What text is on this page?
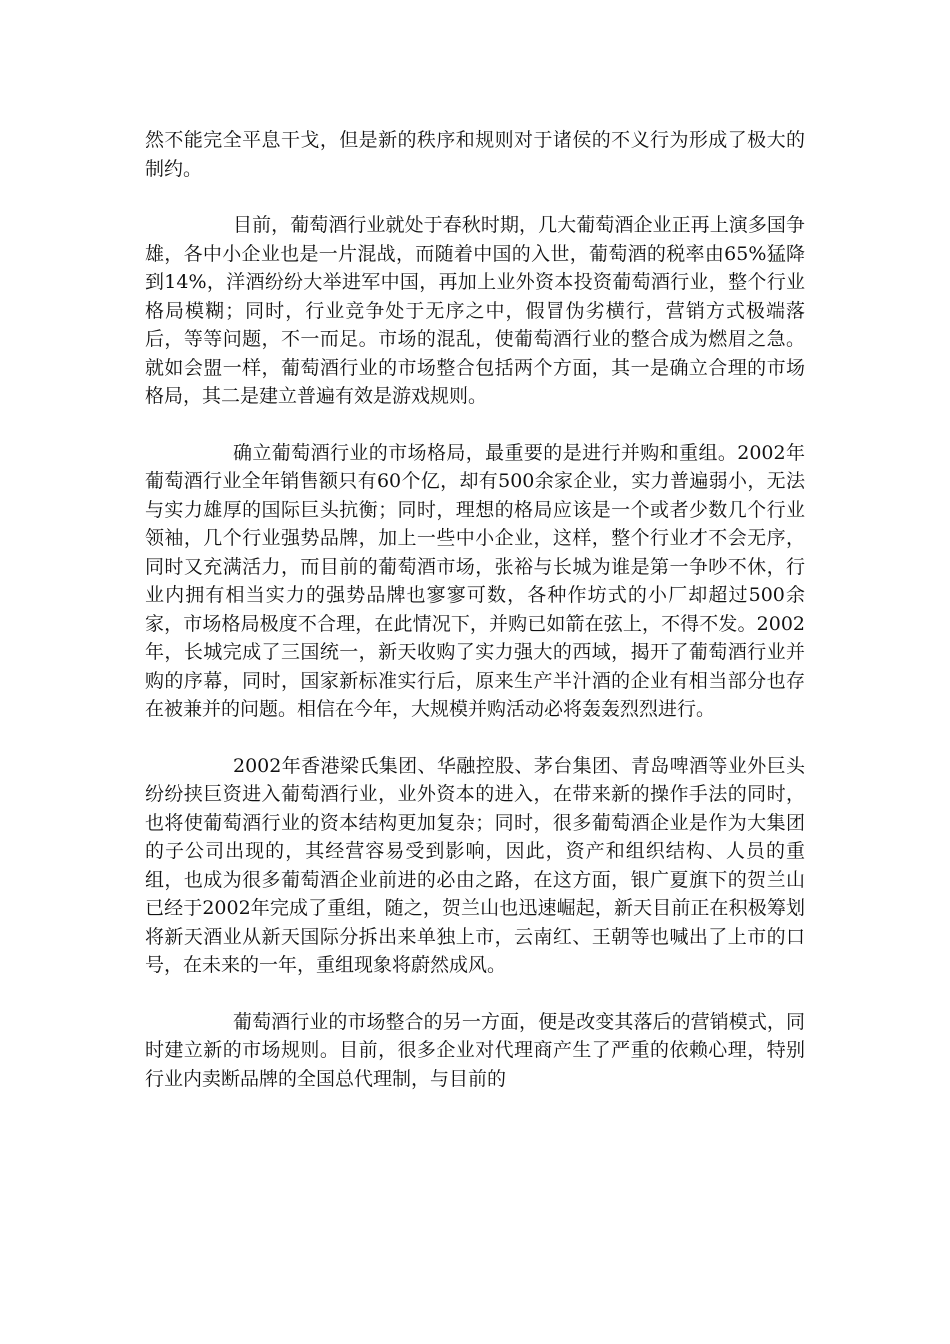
然不能完全平息干戈，但是新的秩序和规则对于诸侯的不义行为形成了极大的制约。

目前，葡萄酒行业就处于春秋时期，几大葡萄酒企业正再上演多国争雄，各中小企业也是一片混战，而随着中国的入世，葡萄酒的税率由65%猛降到14%，洋酒纷纷大举进军中国，再加上业外资本投资葡萄酒行业，整个行业格局模糊；同时，行业竞争处于无序之中，假冒伪劣横行，营销方式极端落后，等等问题，不一而足。市场的混乱，使葡萄酒行业的整合成为燃眉之急。就如会盟一样，葡萄酒行业的市场整合包括两个方面，其一是确立合理的市场格局，其二是建立普遍有效是游戏规则。

确立葡萄酒行业的市场格局，最重要的是进行并购和重组。2002年葡萄酒行业全年销售额只有60个亿，却有500余家企业，实力普遍弱小，无法与实力雄厚的国际巨头抗衡；同时，理想的格局应该是一个或者少数几个行业领袖，几个行业强势品牌，加上一些中小企业，这样，整个行业才不会无序，同时又充满活力，而目前的葡萄酒市场，张裕与长城为谁是第一争吵不休，行业内拥有相当实力的强势品牌也寥寥可数，各种作坊式的小厂却超过500余家，市场格局极度不合理，在此情况下，并购已如箭在弦上，不得不发。2002年，长城完成了三国统一，新天收购了实力强大的西域，揭开了葡萄酒行业并购的序幕，同时，国家新标准实行后，原来生产半汁酒的企业有相当部分也存在被兼并的问题。相信在今年，大规模并购活动必将轰轰烈烈进行。

2002年香港梁氏集团、华融控股、茅台集团、青岛啤酒等业外巨头纷纷挟巨资进入葡萄酒行业，业外资本的进入，在带来新的操作手法的同时，也将使葡萄酒行业的资本结构更加复杂；同时，很多葡萄酒企业是作为大集团的子公司出现的，其经营容易受到影响，因此，资产和组织结构、人员的重组，也成为很多葡萄酒企业前进的必由之路，在这方面，银广夏旗下的贺兰山已经于2002年完成了重组，随之，贺兰山也迅速崛起，新天目前正在积极筹划将新天酒业从新天国际分拆出来单独上市，云南红、王朝等也喊出了上市的口号，在未来的一年，重组现象将蔚然成风。

葡萄酒行业的市场整合的另一方面，便是改变其落后的营销模式，同时建立新的市场规则。目前，很多企业对代理商产生了严重的依赖心理，特别行业内卖断品牌的全国总代理制，与目前的
